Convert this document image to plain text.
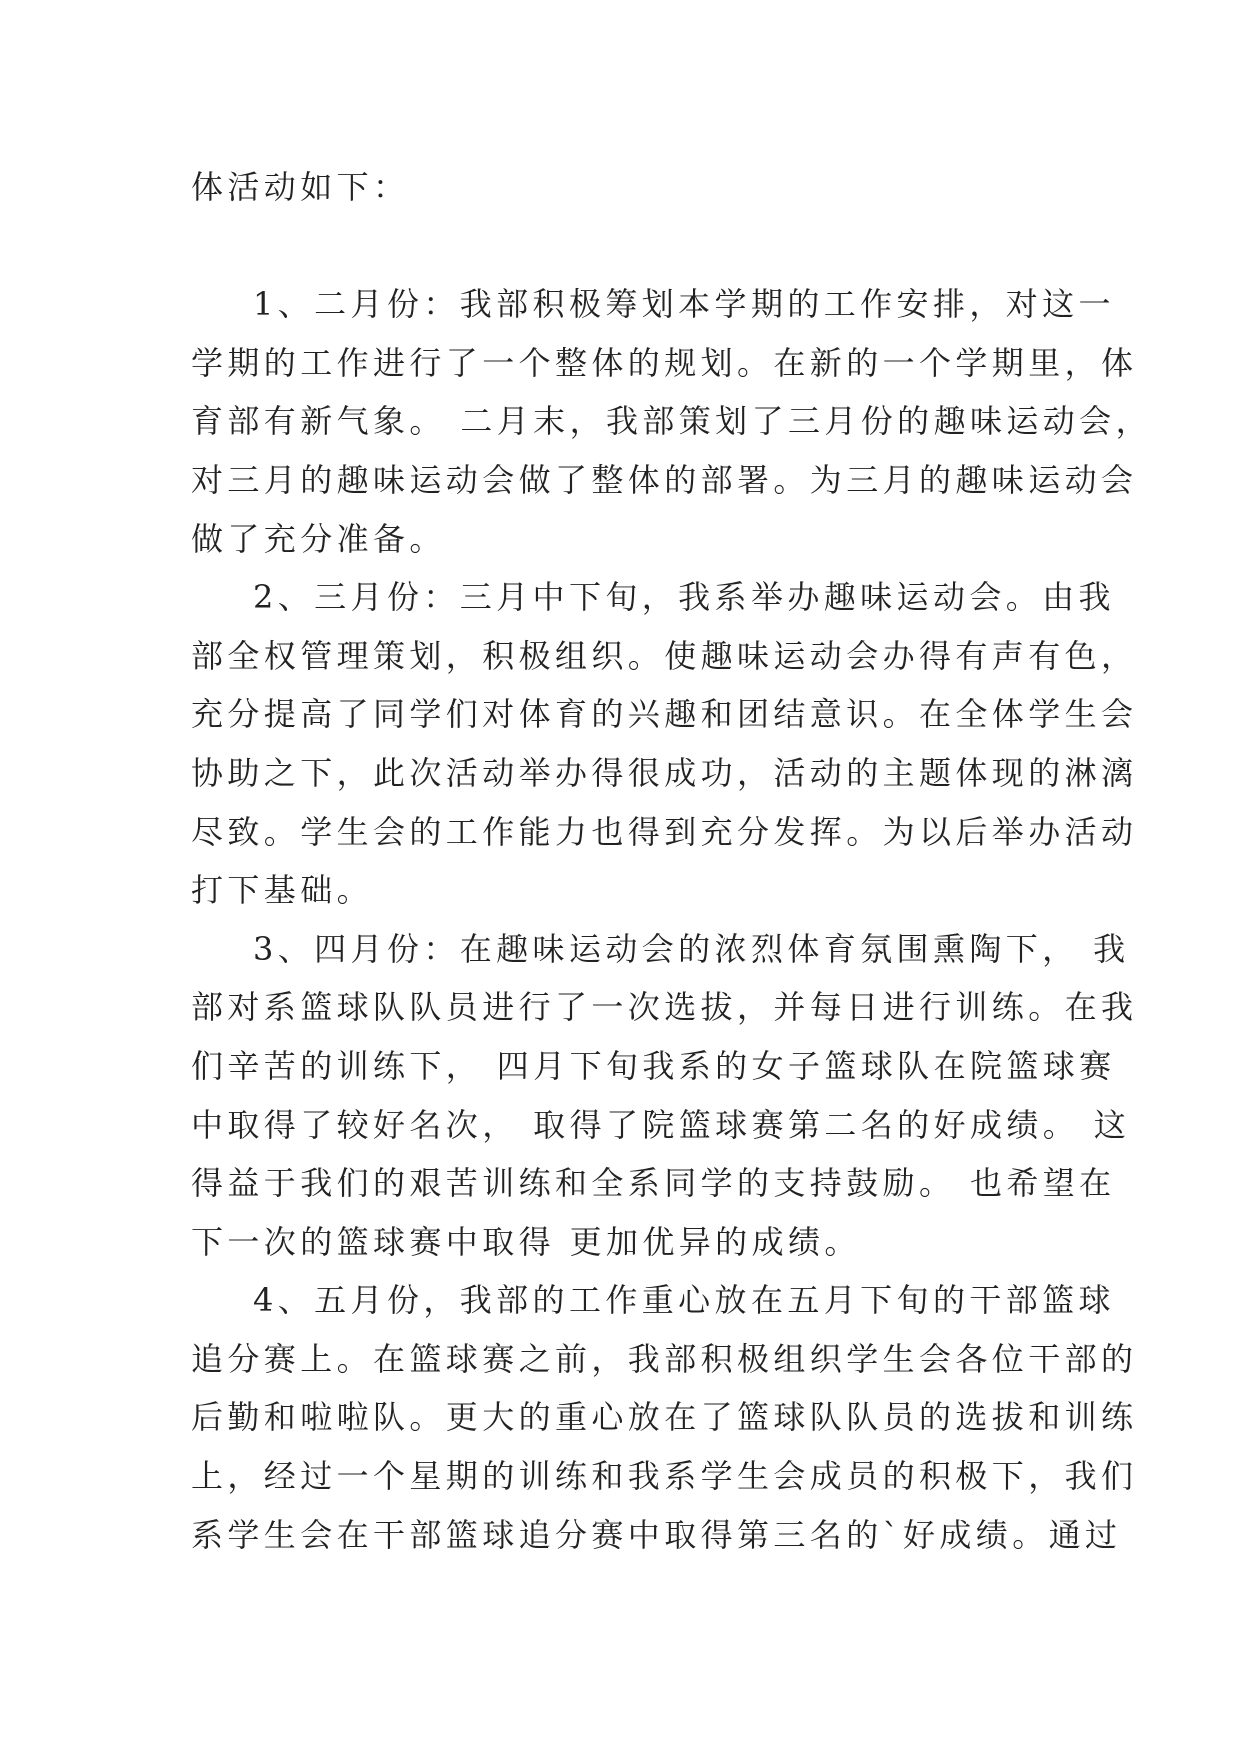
体活动如下：
1、二月份：我部积极筹划本学期的工作安排，对这一
学期的工作进行了一个整体的规划。在新的一个学期里，体
育部有新气象。 二月末，我部策划了三月份的趣味运动会，
对三月的趣味运动会做了整体的部署。为三月的趣味运动会
做了充分准备。
2、三月份：三月中下旬，我系举办趣味运动会。由我
部全权管理策划，积极组织。使趣味运动会办得有声有色，
充分提高了同学们对体育的兴趣和团结意识。在全体学生会
协助之下，此次活动举办得很成功，活动的主题体现的淋漓
尽致。学生会的工作能力也得到充分发挥。为以后举办活动
打下基础。
3、四月份：在趣味运动会的浓烈体育氛围熏陶下， 我
部对系篮球队队员进行了一次选拔，并每日进行训练。在我
们辛苦的训练下， 四月下旬我系的女子篮球队在院篮球赛
中取得了较好名次， 取得了院篮球赛第二名的好成绩。 这
得益于我们的艰苦训练和全系同学的支持鼓励。 也希望在
下一次的篮球赛中取得 更加优异的成绩。
4、五月份，我部的工作重心放在五月下旬的干部篮球
追分赛上。在篮球赛之前，我部积极组织学生会各位干部的
后勤和啦啦队。更大的重心放在了篮球队队员的选拔和训练
上，经过一个星期的训练和我系学生会成员的积极下，我们
系学生会在干部篮球追分赛中取得第三名的`好成绩。通过
